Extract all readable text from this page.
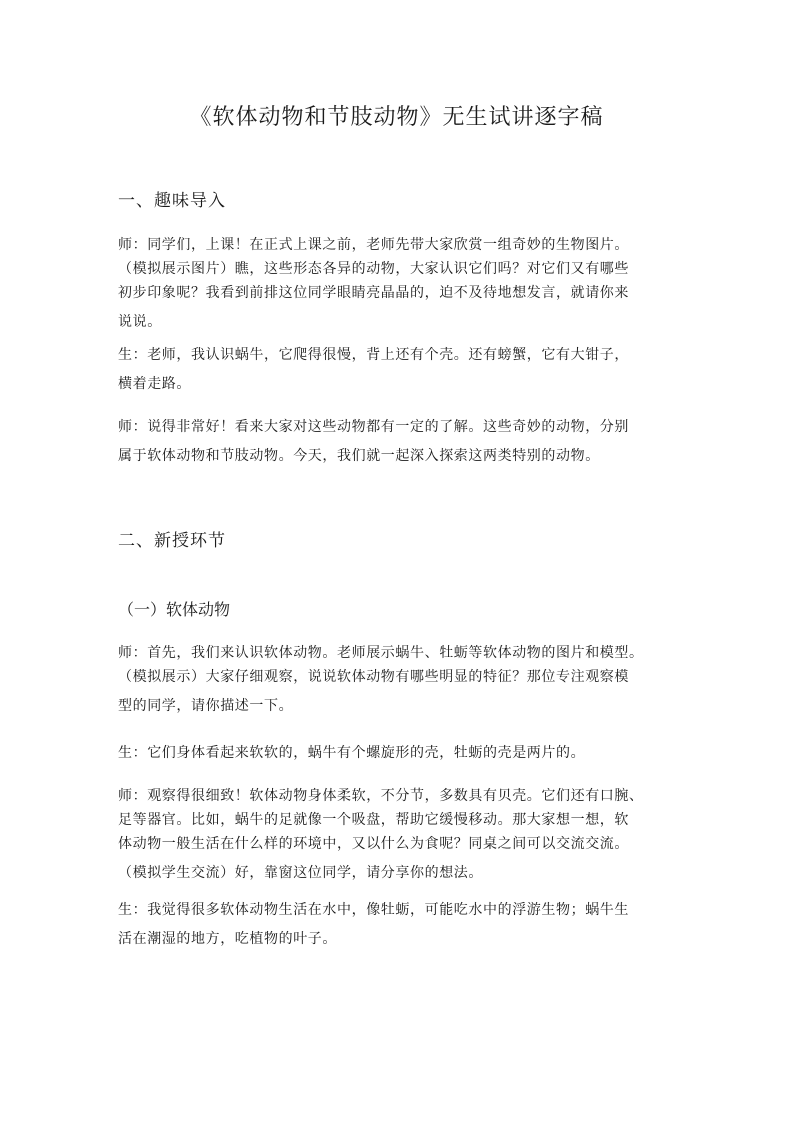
《软体动物和节肢动物》无生试讲逐字稿
一、趣味导入
师：同学们，上课！在正式上课之前，老师先带大家欣赏一组奇妙的生物图片。
（模拟展示图片）瞧，这些形态各异的动物，大家认识它们吗？对它们又有哪些
初步印象呢？我看到前排这位同学眼睛亮晶晶的，迫不及待地想发言，就请你来
说说。
生：老师，我认识蜗牛，它爬得很慢，背上还有个壳。还有螃蟹，它有大钳子，
横着走路。
师：说得非常好！看来大家对这些动物都有一定的了解。这些奇妙的动物，分别
属于软体动物和节肢动物。今天，我们就一起深入探索这两类特别的动物。
二、新授环节
（一）软体动物
师：首先，我们来认识软体动物。老师展示蜗牛、牡蛎等软体动物的图片和模型。
（模拟展示）大家仔细观察，说说软体动物有哪些明显的特征？那位专注观察模
型的同学，请你描述一下。
生：它们身体看起来软软的，蜗牛有个螺旋形的壳，牡蛎的壳是两片的。
师：观察得很细致！软体动物身体柔软，不分节，多数具有贝壳。它们还有口腕、
足等器官。比如，蜗牛的足就像一个吸盘，帮助它缓慢移动。那大家想一想，软
体动物一般生活在什么样的环境中，又以什么为食呢？同桌之间可以交流交流。
（模拟学生交流）好，靠窗这位同学，请分享你的想法。
生：我觉得很多软体动物生活在水中，像牡蛎，可能吃水中的浮游生物；蜗牛生
活在潮湿的地方，吃植物的叶子。
